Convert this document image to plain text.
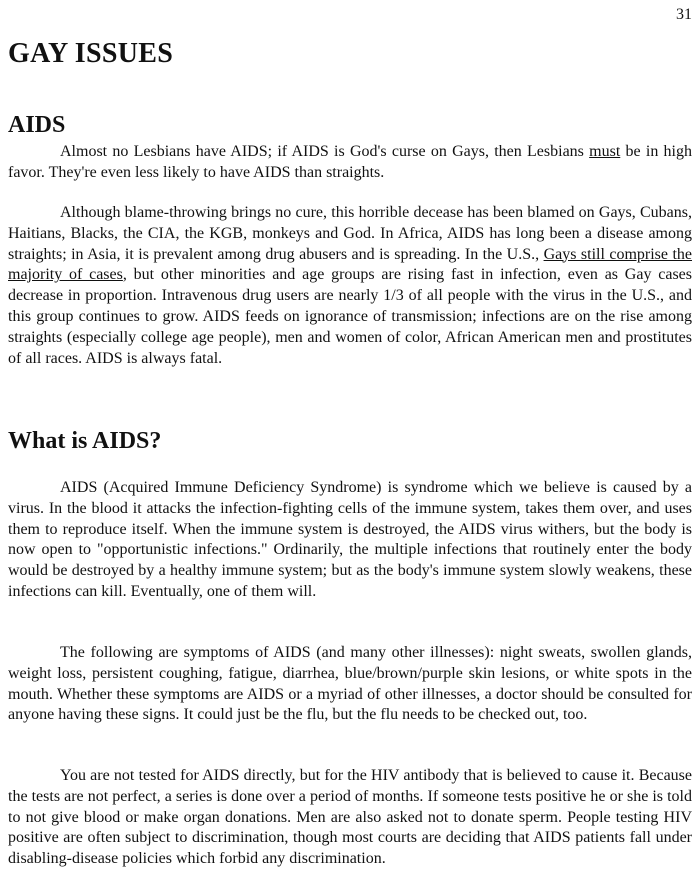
31
GAY ISSUES
AIDS

Almost no Lesbians have AIDS; if AIDS is God's curse on Gays, then Lesbians must be in high favor. They're even less likely to have AIDS than straights.

Although blame-throwing brings no cure, this horrible decease has been blamed on Gays, Cubans, Haitians, Blacks, the CIA, the KGB, monkeys and God. In Africa, AIDS has long been a disease among straights; in Asia, it is prevalent among drug abusers and is spreading. In the U.S., Gays still comprise the majority of cases, but other minorities and age groups are rising fast in infection, even as Gay cases decrease in proportion. Intravenous drug users are nearly 1/3 of all people with the virus in the U.S., and this group continues to grow. AIDS feeds on ignorance of transmission; infections are on the rise among straights (especially college age people), men and women of color, African American men and prostitutes of all races. AIDS is always fatal.

What is AIDS?

AIDS (Acquired Immune Deficiency Syndrome) is syndrome which we believe is caused by a virus. In the blood it attacks the infection-fighting cells of the immune system, takes them over, and uses them to reproduce itself. When the immune system is destroyed, the AIDS virus withers, but the body is now open to "opportunistic infections." Ordinarily, the multiple infections that routinely enter the body would be destroyed by a healthy immune system; but as the body's immune system slowly weakens, these infections can kill. Eventually, one of them will.

The following are symptoms of AIDS (and many other illnesses): night sweats, swollen glands, weight loss, persistent coughing, fatigue, diarrhea, blue/brown/purple skin lesions, or white spots in the mouth. Whether these symptoms are AIDS or a myriad of other illnesses, a doctor should be consulted for anyone having these signs. It could just be the flu, but the flu needs to be checked out, too.

You are not tested for AIDS directly, but for the HIV antibody that is believed to cause it. Because the tests are not perfect, a series is done over a period of months. If someone tests positive he or she is told to not give blood or make organ donations. Men are also asked not to donate sperm. People testing HIV positive are often subject to discrimination, though most courts are deciding that AIDS patients fall under disabling-disease policies which forbid any discrimination.
